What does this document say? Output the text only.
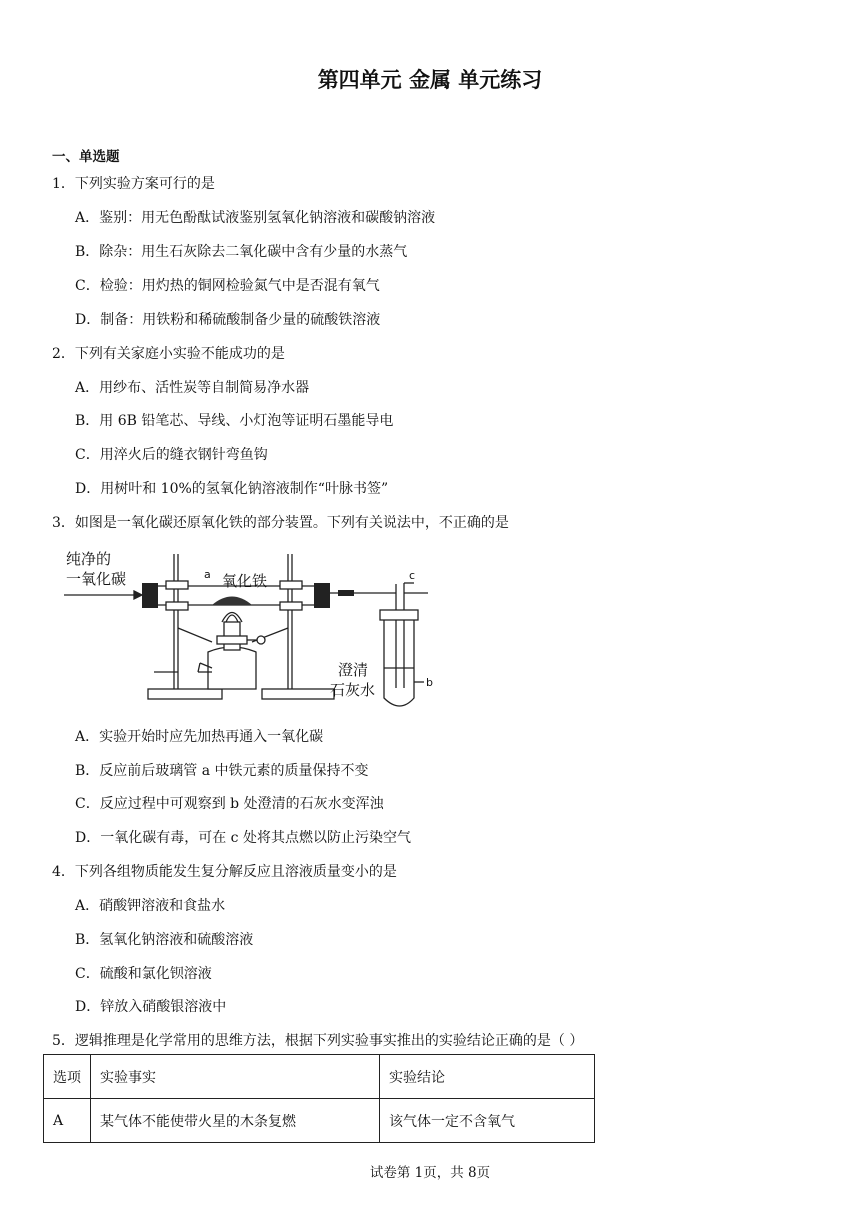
第四单元 金属 单元练习
一、单选题
1．下列实验方案可行的是
A．鉴别：用无色酚酞试液鉴别氢氧化钠溶液和碳酸钠溶液
B．除杂：用生石灰除去二氧化碳中含有少量的水蒸气
C．检验：用灼热的铜网检验氮气中是否混有氧气
D．制备：用铁粉和稀硫酸制备少量的硫酸铁溶液
2．下列有关家庭小实验不能成功的是
A．用纱布、活性炭等自制简易净水器
B．用 6B 铅笔芯、导线、小灯泡等证明石墨能导电
C．用淬火后的缝衣钢针弯鱼钩
D．用树叶和 10%的氢氧化钠溶液制作“叶脉书签”
3．如图是一氧化碳还原氧化铁的部分装置。下列有关说法中，不正确的是
纯净的
一氧化碳	a 氧化铁	c
澄清
石灰水	b
A．实验开始时应先加热再通入一氧化碳
B．反应前后玻璃管 a 中铁元素的质量保持不变
C．反应过程中可观察到 b 处澄清的石灰水变浑浊
D．一氧化碳有毒，可在 c 处将其点燃以防止污染空气
4．下列各组物质能发生复分解反应且溶液质量变小的是
A．硝酸钾溶液和食盐水
B．氢氧化钠溶液和硫酸溶液
C．硫酸和氯化钡溶液
D．锌放入硝酸银溶液中
5．逻辑推理是化学常用的思维方法，根据下列实验事实推出的实验结论正确的是（ ）
选项	实验事实	实验结论
A	某气体不能使带火星的木条复燃	该气体一定不含氧气
试卷第 1页，共 8页
